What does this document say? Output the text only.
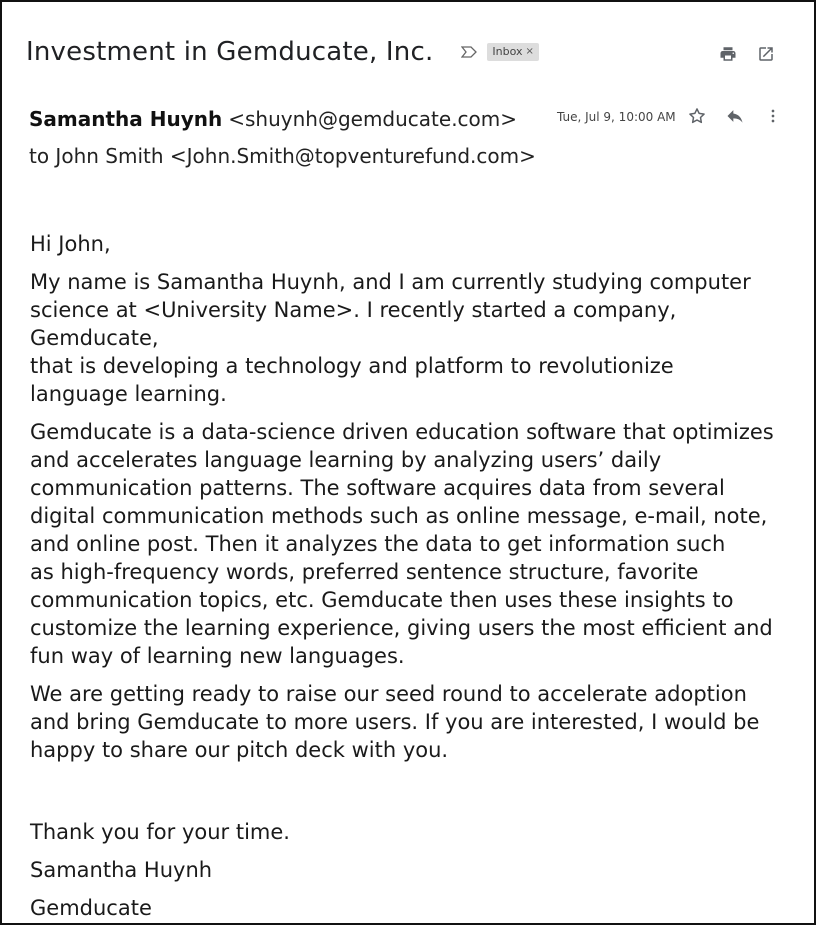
Investment in Gemducate, Inc.	Inbox ×
Samantha Huynh <shuynh@gemducate.com>	Tue, Jul 9, 10:00 AM
to John Smith <John.Smith@topventurefund.com>

Hi John,

My name is Samantha Huynh, and I am currently studying computer
science at <University Name>. I recently started a company, Gemducate,
that is developing a technology and platform to revolutionize
language learning.

Gemducate is a data-science driven education software that optimizes
and accelerates language learning by analyzing users’ daily
communication patterns. The software acquires data from several
digital communication methods such as online message, e-mail, note,
and online post. Then it analyzes the data to get information such
as high-frequency words, preferred sentence structure, favorite
communication topics, etc. Gemducate then uses these insights to
customize the learning experience, giving users the most efficient and
fun way of learning new languages.

We are getting ready to raise our seed round to accelerate adoption
and bring Gemducate to more users. If you are interested, I would be
happy to share our pitch deck with you.

Thank you for your time.

Samantha Huynh

Gemducate
